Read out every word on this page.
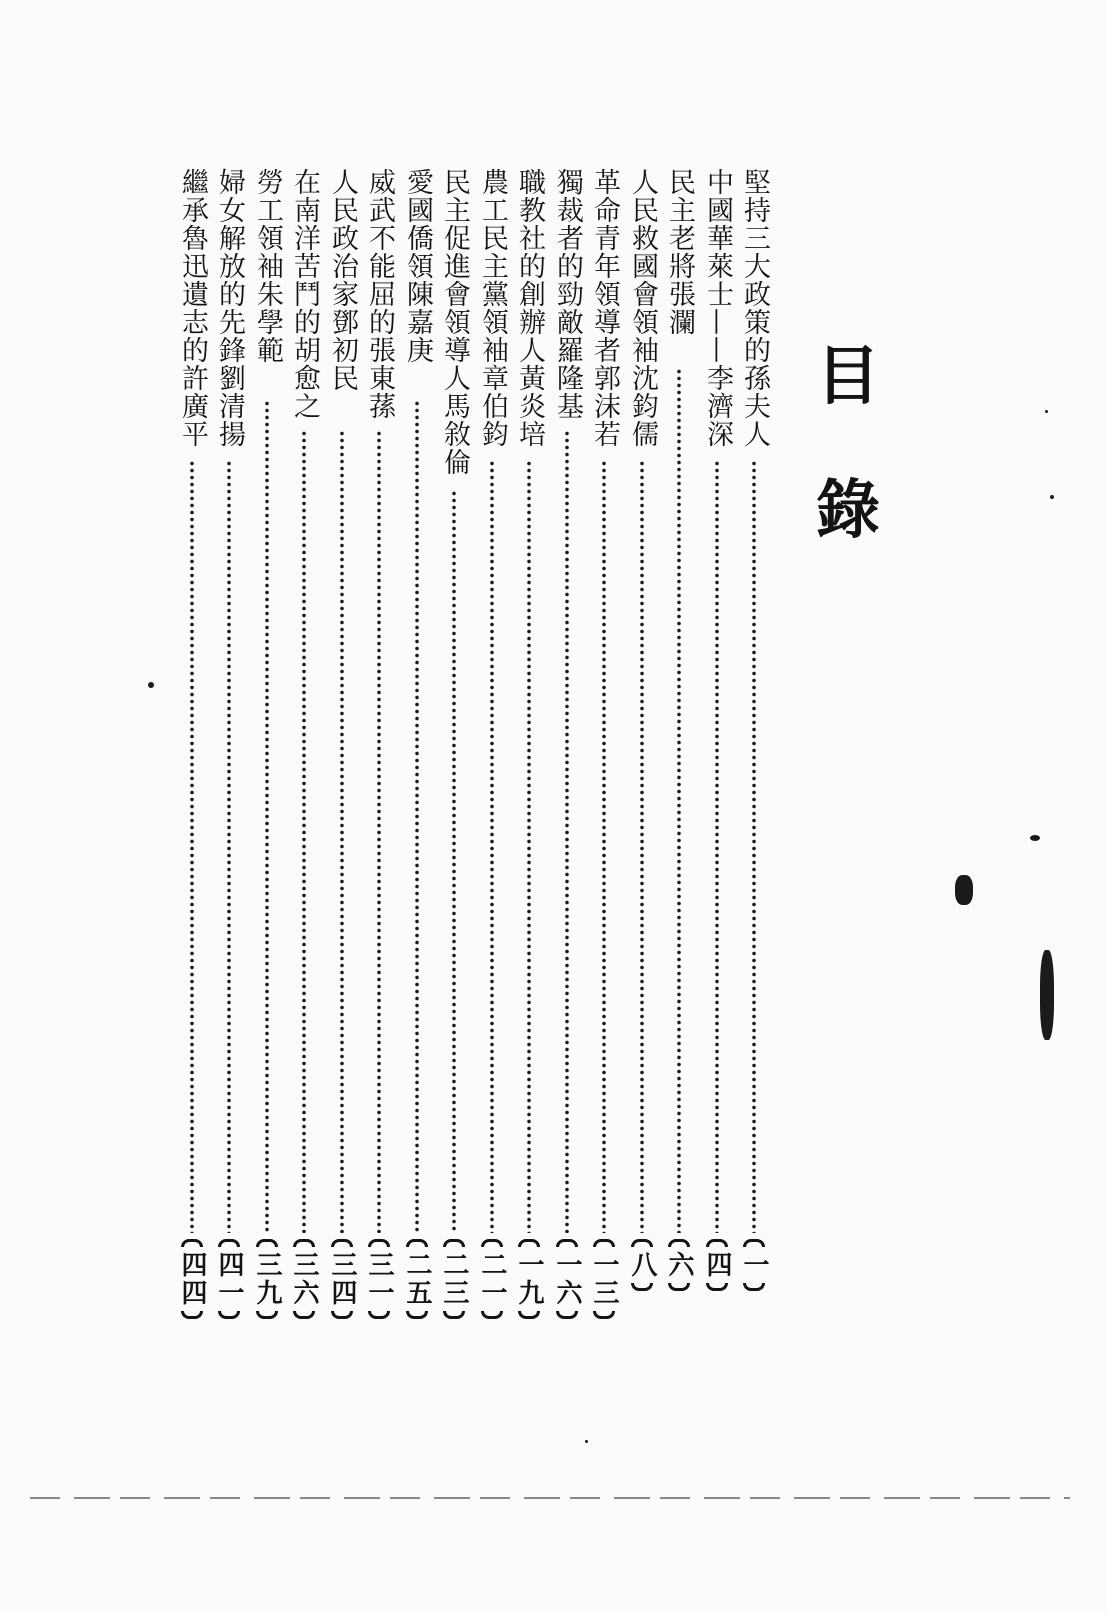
目
錄
堅持三大政策的孫夫人
一
中國華萊士——李濟深
四
民主老將張瀾
六
人民救國會領袖沈鈞儒
八
革命青年領導者郭沫若
一三
獨裁者的勁敵羅隆基
一六
職教社的創辦人黃炎培
一九
農工民主黨領袖章伯鈞
二一
民主促進會領導人馬敘倫
二三
愛國僑領陳嘉庚
二五
威武不能屈的張東蓀
三一
人民政治家鄧初民
三四
在南洋苦鬥的胡愈之
三六
勞工領袖朱學範
三九
婦女解放的先鋒劉清揚
四一
繼承魯迅遺志的許廣平
四四
